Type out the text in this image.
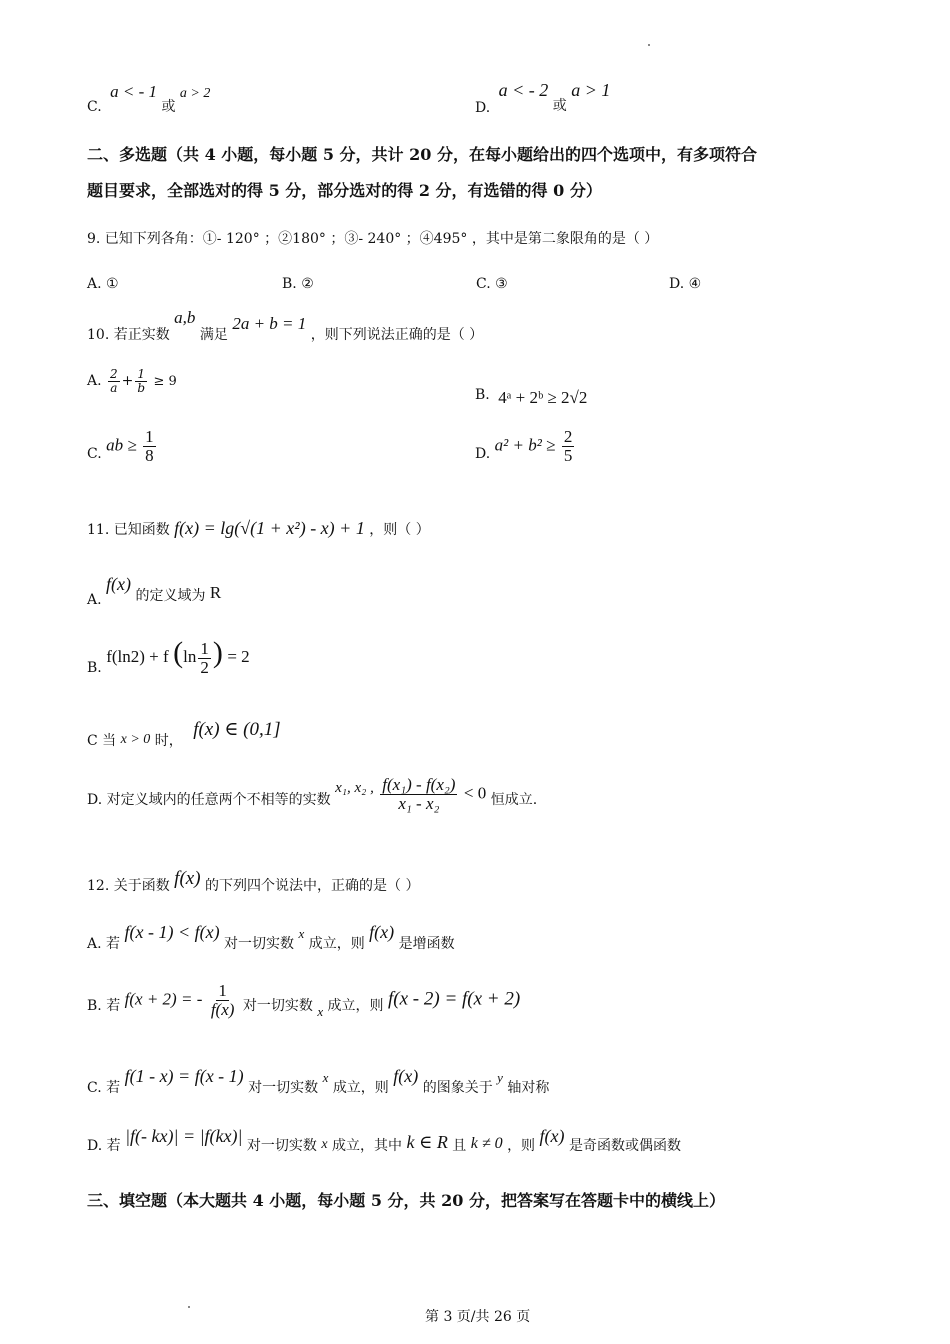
C. a < - 1 或 a > 2
D. a < - 2 或 a > 1
二、多选题（共 4 小题，每小题 5 分，共计 20 分，在每小题给出的四个选项中，有多项符合
题目要求，全部选对的得 5 分，部分选对的得 2 分，有选错的得 0 分）
9. 已知下列各角：①- 120° ；②180° ；③- 240° ；④495° ，其中是第二象限角的是（ ）
A. ①	B. ②	C. ③	D. ④
10. 若正实数 a,b 满足 2a + b = 1 ，则下列说法正确的是（ ）
A. $\frac{2}{a} + \frac{1}{b} \ge 9$
B. 4ᵃ + 2ᵇ ≥ 2√2
C. ab ≥ $\frac{1}{8}$	D. $a^2 + b^2 \ge \frac{2}{5}$
11. 已知函数 f(x) = lg(√(1 + x²) - x) + 1 ，则（ ）
A. f(x) 的定义域为 R
B. f(ln2) + f ($\ln \frac{1}{2}$ ) = 2
C 当 x > 0 时， f(x) ∈ (0,1]
D. 对定义域内的任意两个不相等的实数 x₁, x₂ , $\frac{\text{f(x₁) - f(x₂)}}{\text{x₁ - x₂}} < 0$ 恒成立.
12. 关于函数 f(x) 的下列四个说法中，正确的是（ ）
A. 若 f(x - 1) < f(x) 对一切实数 x 成立，则 f(x) 是增函数
B. 若 f(x + 2) = - $\frac{1}{f(x)}$ 对一切实数 x 成立，则 f(x - 2) = f(x + 2)
C. 若 f(1 - x) = f(x - 1) 对一切实数 x 成立，则 f(x) 的图象关于 y 轴对称
D. 若 |f(- kx)| = |f(kx)| 对一切实数 x 成立，其中 k ∈ R 且 k ≠ 0 ，则 f(x) 是奇函数或偶函数
三、填空题（本大题共 4 小题，每小题 5 分，共 20 分，把答案写在答题卡中的横线上）
第 3 页/共 26 页
